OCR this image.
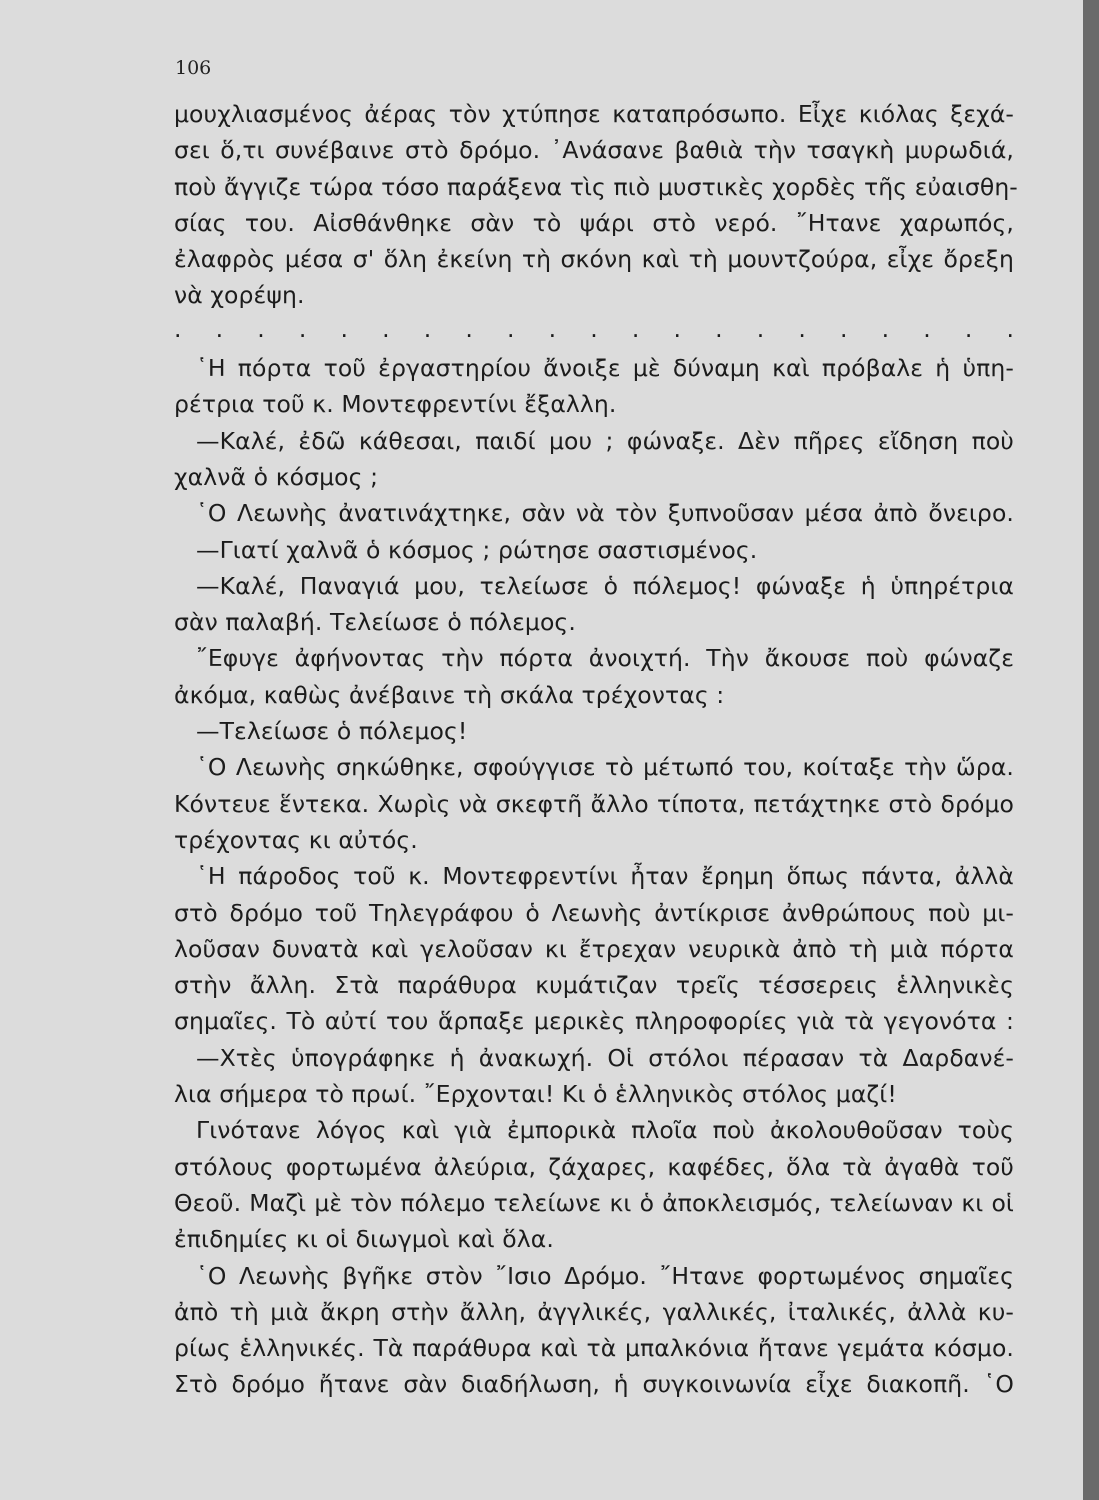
106
μουχλιασμένος ἀέρας τὸν χτύπησε καταπρόσωπο. Εἶχε κιόλας ξεχά-
σει ὅ,τι συνέβαινε στὸ δρόμο. ᾿Ανάσανε βαθιὰ τὴν τσαγκὴ μυρωδιά,
ποὺ ἄγγιζε τώρα τόσο παράξενα τὶς πιὸ μυστικὲς χορδὲς τῆς εὐαισθη-
σίας του. Αἰσθάνθηκε σὰν τὸ ψάρι στὸ νερό. ῎Ητανε χαρωπός,
ἐλαφρὸς μέσα σ' ὅλη ἐκείνη τὴ σκόνη καὶ τὴ μουντζούρα, εἶχε ὄρεξη
νὰ χορέψη.
. . . . . . . . . . . . . . . . . . . . .
῾Η πόρτα τοῦ ἐργαστηρίου ἄνοιξε μὲ δύναμη καὶ πρόβαλε ἡ ὑπη-
ρέτρια τοῦ κ. Μοντεφρεντίνι ἔξαλλη.
—Καλέ, ἐδῶ κάθεσαι, παιδί μου ; φώναξε. Δὲν πῆρες εἴδηση ποὺ
χαλνᾶ ὁ κόσμος ;
῾Ο Λεωνὴς ἀνατινάχτηκε, σὰν νὰ τὸν ξυπνοῦσαν μέσα ἀπὸ ὄνειρο.
—Γιατί χαλνᾶ ὁ κόσμος ; ρώτησε σαστισμένος.
—Καλέ, Παναγιά μου, τελείωσε ὁ πόλεμος! φώναξε ἡ ὑπηρέτρια
σὰν παλαβή. Τελείωσε ὁ πόλεμος.
῎Εφυγε ἀφήνοντας τὴν πόρτα ἀνοιχτή. Τὴν ἄκουσε ποὺ φώναζε
ἀκόμα, καθὼς ἀνέβαινε τὴ σκάλα τρέχοντας :
—Τελείωσε ὁ πόλεμος!
῾Ο Λεωνὴς σηκώθηκε, σφούγγισε τὸ μέτωπό του, κοίταξε τὴν ὥρα.
Κόντευε ἕντεκα. Χωρὶς νὰ σκεφτῆ ἄλλο τίποτα, πετάχτηκε στὸ δρόμο
τρέχοντας κι αὐτός.
῾Η πάροδος τοῦ κ. Μοντεφρεντίνι ἦταν ἔρημη ὅπως πάντα, ἀλλὰ
στὸ δρόμο τοῦ Τηλεγράφου ὁ Λεωνὴς ἀντίκρισε ἀνθρώπους ποὺ μι-
λοῦσαν δυνατὰ καὶ γελοῦσαν κι ἔτρεχαν νευρικὰ ἀπὸ τὴ μιὰ πόρτα
στὴν ἄλλη. Στὰ παράθυρα κυμάτιζαν τρεῖς τέσσερεις ἑλληνικὲς
σημαῖες. Τὸ αὐτί του ἅρπαξε μερικὲς πληροφορίες γιὰ τὰ γεγονότα :
—Χτὲς ὑπογράφηκε ἡ ἀνακωχή. Οἱ στόλοι πέρασαν τὰ Δαρδανέ-
λια σήμερα τὸ πρωί. ῎Ερχονται! Κι ὁ ἑλληνικὸς στόλος μαζί!
Γινότανε λόγος καὶ γιὰ ἐμπορικὰ πλοῖα ποὺ ἀκολουθοῦσαν τοὺς
στόλους φορτωμένα ἀλεύρια, ζάχαρες, καφέδες, ὅλα τὰ ἀγαθὰ τοῦ
Θεοῦ. Μαζὶ μὲ τὸν πόλεμο τελείωνε κι ὁ ἀποκλεισμός, τελείωναν κι οἱ
ἐπιδημίες κι οἱ διωγμοὶ καὶ ὅλα.
῾Ο Λεωνὴς βγῆκε στὸν ῎Ισιο Δρόμο. ῎Ητανε φορτωμένος σημαῖες
ἀπὸ τὴ μιὰ ἄκρη στὴν ἄλλη, ἀγγλικές, γαλλικές, ἰταλικές, ἀλλὰ κυ-
ρίως ἑλληνικές. Τὰ παράθυρα καὶ τὰ μπαλκόνια ἤτανε γεμάτα κόσμο.
Στὸ δρόμο ἤτανε σὰν διαδήλωση, ἡ συγκοινωνία εἶχε διακοπῆ. ῾Ο
